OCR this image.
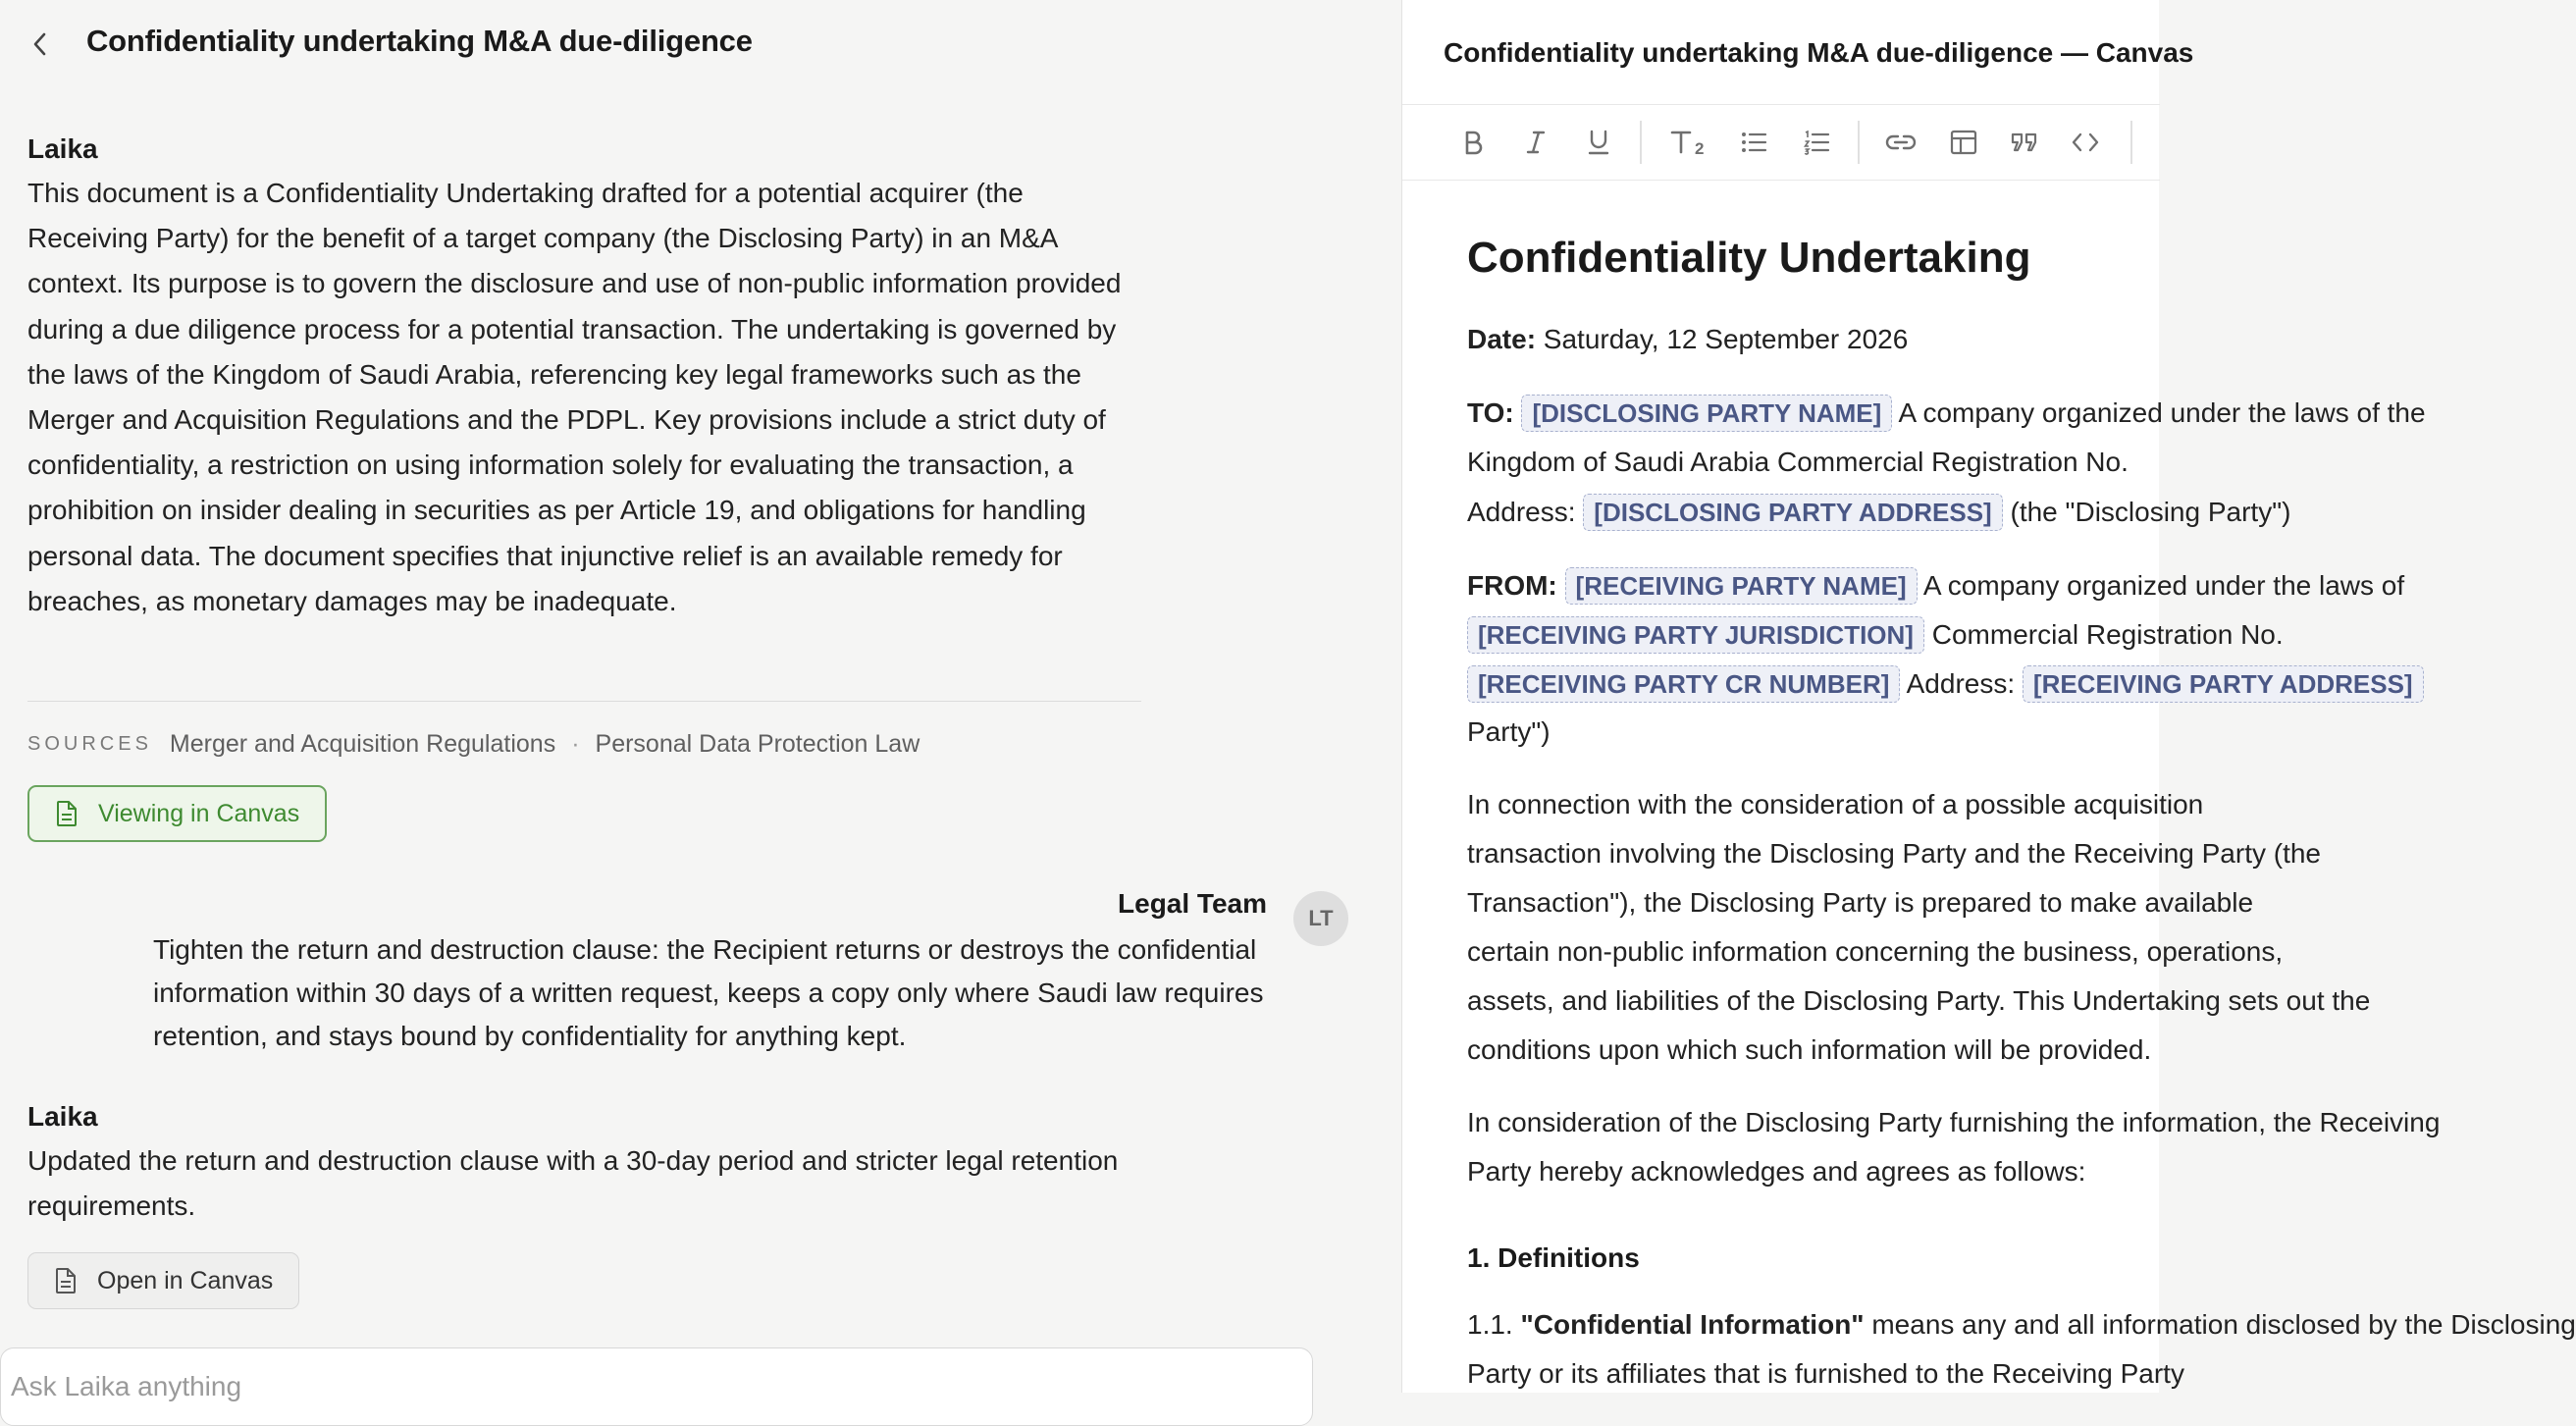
Confidentiality undertaking M&A due-diligence
Laika
This document is a Confidentiality Undertaking drafted for a potential acquirer (the Receiving Party) for the benefit of a target company (the Disclosing Party) in an M&A context. Its purpose is to govern the disclosure and use of non-public information provided during a due diligence process for a potential transaction. The undertaking is governed by the laws of the Kingdom of Saudi Arabia, referencing key legal frameworks such as the Merger and Acquisition Regulations and the PDPL. Key provisions include a strict duty of confidentiality, a restriction on using information solely for evaluating the transaction, a prohibition on insider dealing in securities as per Article 19, and obligations for handling personal data. The document specifies that injunctive relief is an available remedy for breaches, as monetary damages may be inadequate.
SOURCES Merger and Acquisition Regulations · Personal Data Protection Law
Viewing in Canvas
Legal Team	LT
Tighten the return and destruction clause: the Recipient returns or destroys the confidential information within 30 days of a written request, keeps a copy only where Saudi law requires retention, and stays bound by confidentiality for anything kept.
Laika
Updated the return and destruction clause with a 30-day period and stricter legal retention requirements.
Open in Canvas
Ask Laika anything
Confidentiality undertaking M&A due-diligence — Canvas
2
Confidentiality Undertaking
Date: Saturday, 12 September 2026
TO: [DISCLOSING PARTY NAME] A company organized under the laws of the
Kingdom of Saudi Arabia Commercial Registration No.
Address: [DISCLOSING PARTY ADDRESS] (the "Disclosing Party")
FROM: [RECEIVING PARTY NAME] A company organized under the laws of
[RECEIVING PARTY JURISDICTION] Commercial Registration No.
[RECEIVING PARTY CR NUMBER] Address: [RECEIVING PARTY ADDRESS]
Party")
In connection with the consideration of a possible acquisition
transaction involving the Disclosing Party and the Receiving Party (the
Transaction"), the Disclosing Party is prepared to make available
certain non-public information concerning the business, operations,
assets, and liabilities of the Disclosing Party. This Undertaking sets out the
conditions upon which such information will be provided.
In consideration of the Disclosing Party furnishing the information, the Receiving
Party hereby acknowledges and agrees as follows:
1. Definitions
1.1. "Confidential Information" means any and all information disclosed by the Disclosing
Party or its affiliates that is furnished to the Receiving Party
